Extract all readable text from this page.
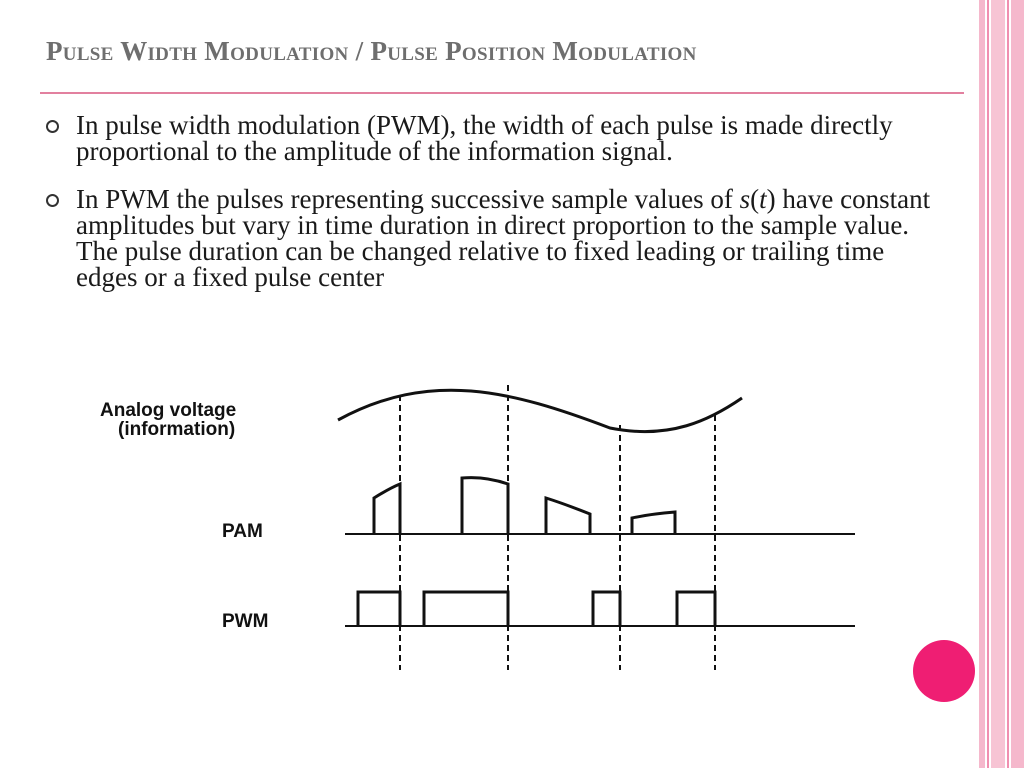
Pulse Width Modulation / Pulse Position Modulation
In pulse width modulation (PWM), the width of each pulse is made directly proportional to the amplitude of the information signal.
In PWM the pulses representing successive sample values of s(t) have constant amplitudes but vary in time duration in direct proportion to the sample value. The pulse duration can be changed relative to fixed leading or trailing time edges or a fixed pulse center
Analog voltage
(information)
PAM
PWM
